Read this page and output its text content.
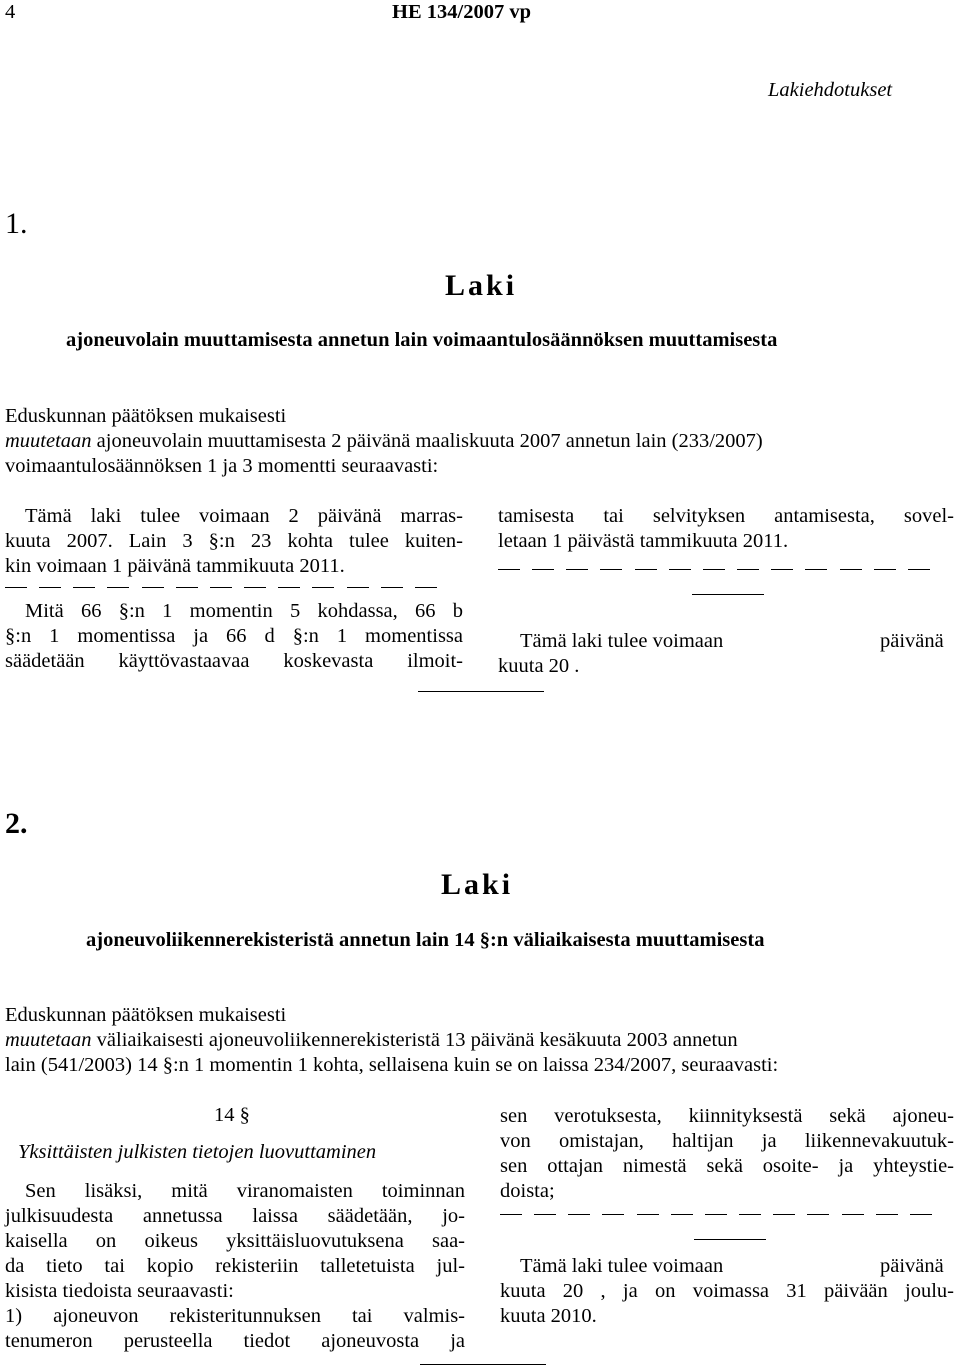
4	HE 134/2007 vp
Lakiehdotukset
1.
Laki
ajoneuvolain muuttamisesta annetun lain voimaantulosäännöksen muuttamisesta
Eduskunnan päätöksen mukaisesti
muutetaan ajoneuvolain muuttamisesta 2 päivänä maaliskuuta 2007 annetun lain (233/2007)
voimaantulosäännöksen 1 ja 3 momentti seuraavasti:
Tämä laki tulee voimaan 2 päivänä marras-
kuuta 2007. Lain 3 §:n 23 kohta tulee kuiten-
kin voimaan 1 päivänä tammikuuta 2011.
Mitä 66 §:n 1 momentin 5 kohdassa, 66 b
§:n 1 momentissa ja 66 d §:n 1 momentissa
säädetään käyttövastaavaa koskevasta ilmoit-
tamisesta tai selvityksen antamisesta, sovel-
letaan 1 päivästä tammikuuta 2011.
Tämä laki tulee voimaan	päivänä
kuuta 20 .
2.
Laki
ajoneuvoliikennerekisteristä annetun lain 14 §:n väliaikaisesta muuttamisesta
Eduskunnan päätöksen mukaisesti
muutetaan väliaikaisesti ajoneuvoliikennerekisteristä 13 päivänä kesäkuuta 2003 annetun
lain (541/2003) 14 §:n 1 momentin 1 kohta, sellaisena kuin se on laissa 234/2007, seuraavasti:
14 §
Yksittäisten julkisten tietojen luovuttaminen
Sen lisäksi, mitä viranomaisten toiminnan
julkisuudesta annetussa laissa säädetään, jo-
kaisella on oikeus yksittäisluovutuksena saa-
da tieto tai kopio rekisteriin talletetuista jul-
kisista tiedoista seuraavasti:
1) ajoneuvon rekisteritunnuksen tai valmis-
tenumeron perusteella tiedot ajoneuvosta ja
sen verotuksesta, kiinnityksestä sekä ajoneu-
von omistajan, haltijan ja liikennevakuutuk-
sen ottajan nimestä sekä osoite- ja yhteystie-
doista;
Tämä laki tulee voimaan	päivänä
kuuta 20 , ja on voimassa 31 päivään joulu-
kuuta 2010.
